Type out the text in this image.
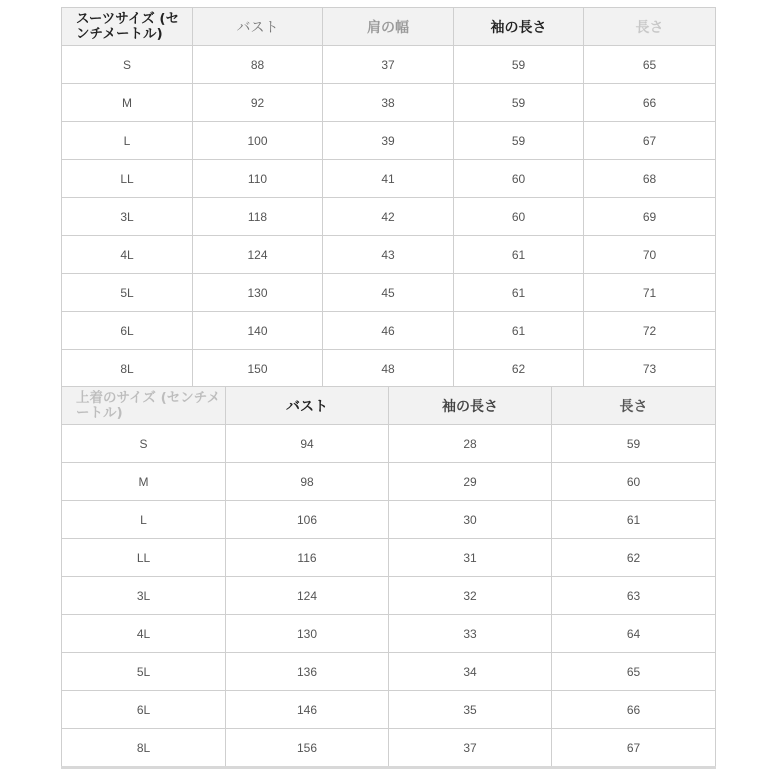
スーツサイズ (センチメートル)	バスト	肩の幅	袖の長さ	長さ
S	88	37	59	65
M	92	38	59	66
L	100	39	59	67
LL	110	41	60	68
3L	118	42	60	69
4L	124	43	61	70
5L	130	45	61	71
6L	140	46	61	72
8L	150	48	62	73
上着のサイズ (センチメートル)	バスト	袖の長さ	長さ
S	94	28	59
M	98	29	60
L	106	30	61
LL	116	31	62
3L	124	32	63
4L	130	33	64
5L	136	34	65
6L	146	35	66
8L	156	37	67
